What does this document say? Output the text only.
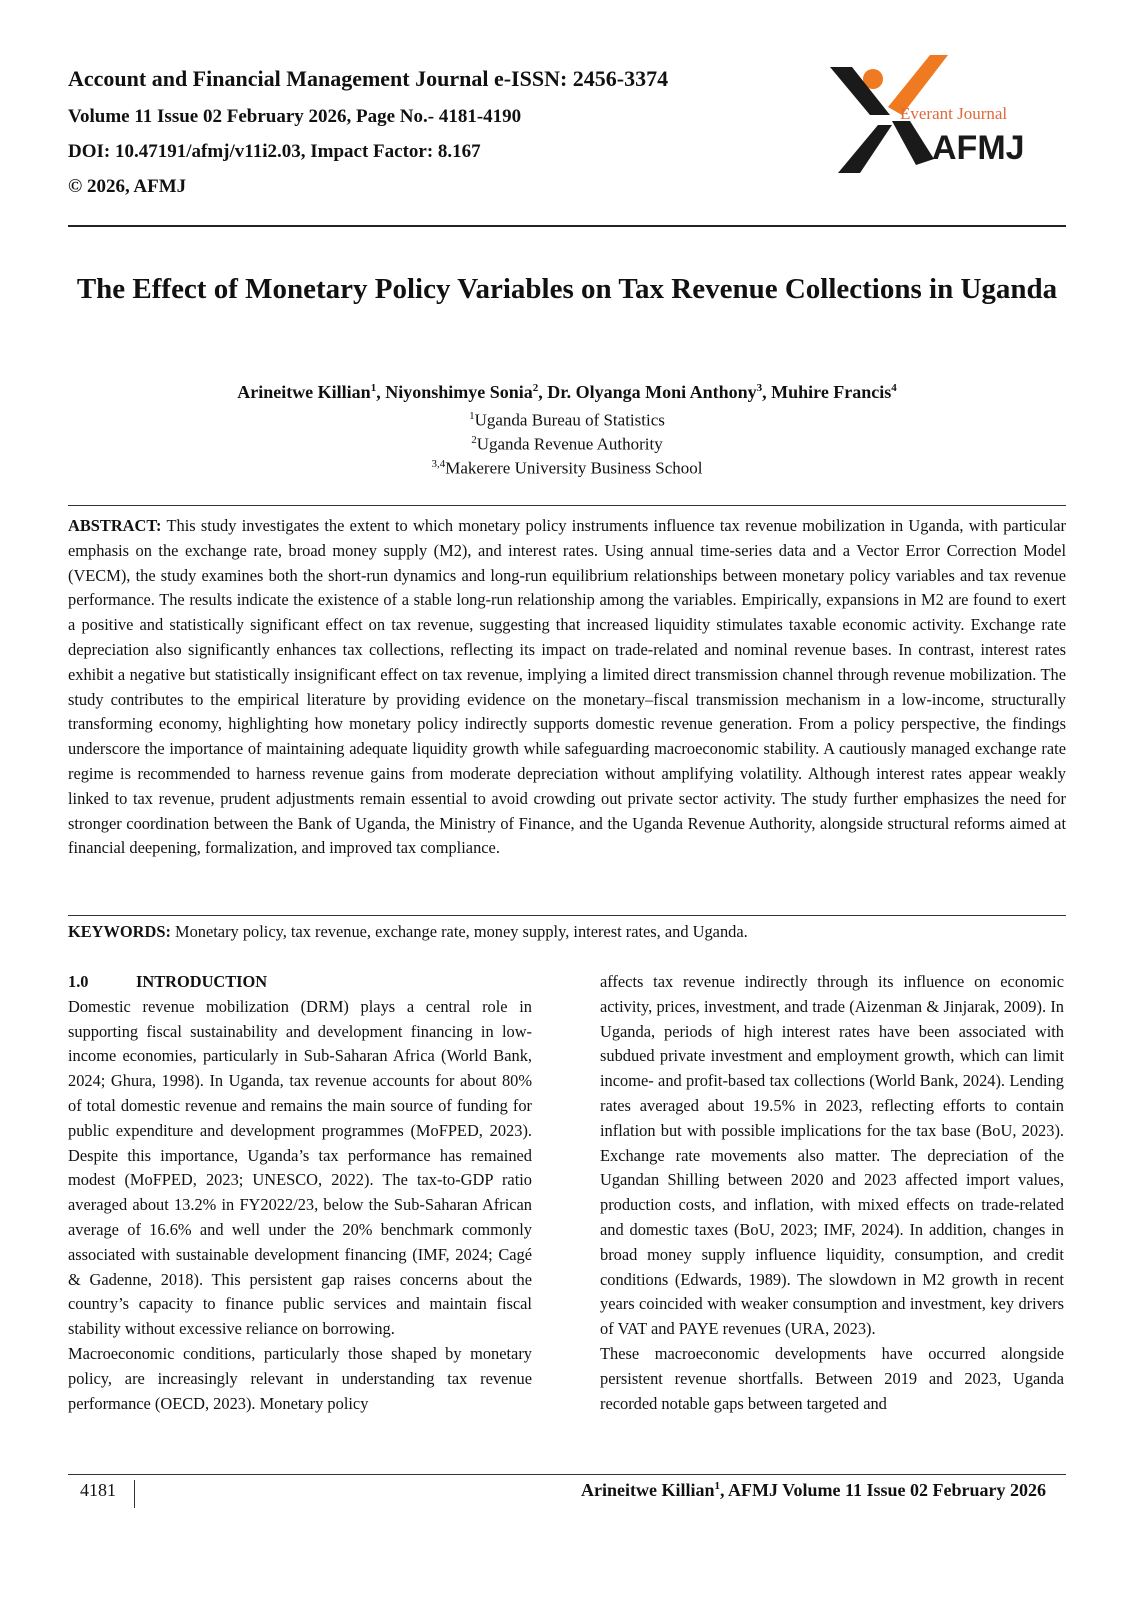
Account and Financial Management Journal e-ISSN: 2456-3374

Volume 11 Issue 02 February 2026, Page No.- 4181-4190

DOI: 10.47191/afmj/v11i2.03, Impact Factor: 8.167

© 2026, AFMJ

Everant Journal
AFMJ
The Effect of Monetary Policy Variables on Tax Revenue Collections in Uganda
Arineitwe Killian$^1$, Niyonshimye Sonia$^2$, Dr. Olyanga Moni Anthony$^3$, Muhire Francis$^4$
$^1$Uganda Bureau of Statistics
$^2$Uganda Revenue Authority
$^{3,4}$Makerere University Business School
ABSTRACT: This study investigates the extent to which monetary policy instruments influence tax revenue mobilization in Uganda, with particular emphasis on the exchange rate, broad money supply (M2), and interest rates. Using annual time-series data and a Vector Error Correction Model (VECM), the study examines both the short-run dynamics and long-run equilibrium relationships between monetary policy variables and tax revenue performance. The results indicate the existence of a stable long-run relationship among the variables. Empirically, expansions in M2 are found to exert a positive and statistically significant effect on tax revenue, suggesting that increased liquidity stimulates taxable economic activity. Exchange rate depreciation also significantly enhances tax collections, reflecting its impact on trade-related and nominal revenue bases. In contrast, interest rates exhibit a negative but statistically insignificant effect on tax revenue, implying a limited direct transmission channel through revenue mobilization. The study contributes to the empirical literature by providing evidence on the monetary–fiscal transmission mechanism in a low-income, structurally transforming economy, highlighting how monetary policy indirectly supports domestic revenue generation. From a policy perspective, the findings underscore the importance of maintaining adequate liquidity growth while safeguarding macroeconomic stability. A cautiously managed exchange rate regime is recommended to harness revenue gains from moderate depreciation without amplifying volatility. Although interest rates appear weakly linked to tax revenue, prudent adjustments remain essential to avoid crowding out private sector activity. The study further emphasizes the need for stronger coordination between the Bank of Uganda, the Ministry of Finance, and the Uganda Revenue Authority, alongside structural reforms aimed at financial deepening, formalization, and improved tax compliance.
KEYWORDS: Monetary policy, tax revenue, exchange rate, money supply, interest rates, and Uganda.

1.0	INTRODUCTION

Domestic revenue mobilization (DRM) plays a central role in supporting fiscal sustainability and development financing in low-income economies, particularly in Sub-Saharan Africa (World Bank, 2024; Ghura, 1998). In Uganda, tax revenue accounts for about 80% of total domestic revenue and remains the main source of funding for public expenditure and development programmes (MoFPED, 2023). Despite this importance, Uganda’s tax performance has remained modest (MoFPED, 2023; UNESCO, 2022). The tax-to-GDP ratio averaged about 13.2% in FY2022/23, below the Sub-Saharan African average of 16.6% and well under the 20% benchmark commonly associated with sustainable development financing (IMF, 2024; Cagé & Gadenne, 2018). This persistent gap raises concerns about the country’s capacity to finance public services and maintain fiscal stability without excessive reliance on borrowing.

Macroeconomic conditions, particularly those shaped by monetary policy, are increasingly relevant in understanding tax revenue performance (OECD, 2023). Monetary policy

affects tax revenue indirectly through its influence on economic activity, prices, investment, and trade (Aizenman & Jinjarak, 2009). In Uganda, periods of high interest rates have been associated with subdued private investment and employment growth, which can limit income- and profit-based tax collections (World Bank, 2024). Lending rates averaged about 19.5% in 2023, reflecting efforts to contain inflation but with possible implications for the tax base (BoU, 2023). Exchange rate movements also matter. The depreciation of the Ugandan Shilling between 2020 and 2023 affected import values, production costs, and inflation, with mixed effects on trade-related and domestic taxes (BoU, 2023; IMF, 2024). In addition, changes in broad money supply influence liquidity, consumption, and credit conditions (Edwards, 1989). The slowdown in M2 growth in recent years coincided with weaker consumption and investment, key drivers of VAT and PAYE revenues (URA, 2023).

These macroeconomic developments have occurred alongside persistent revenue shortfalls. Between 2019 and 2023, Uganda recorded notable gaps between targeted and

4181	Arineitwe Killian$^1$, AFMJ Volume 11 Issue 02 February 2026
